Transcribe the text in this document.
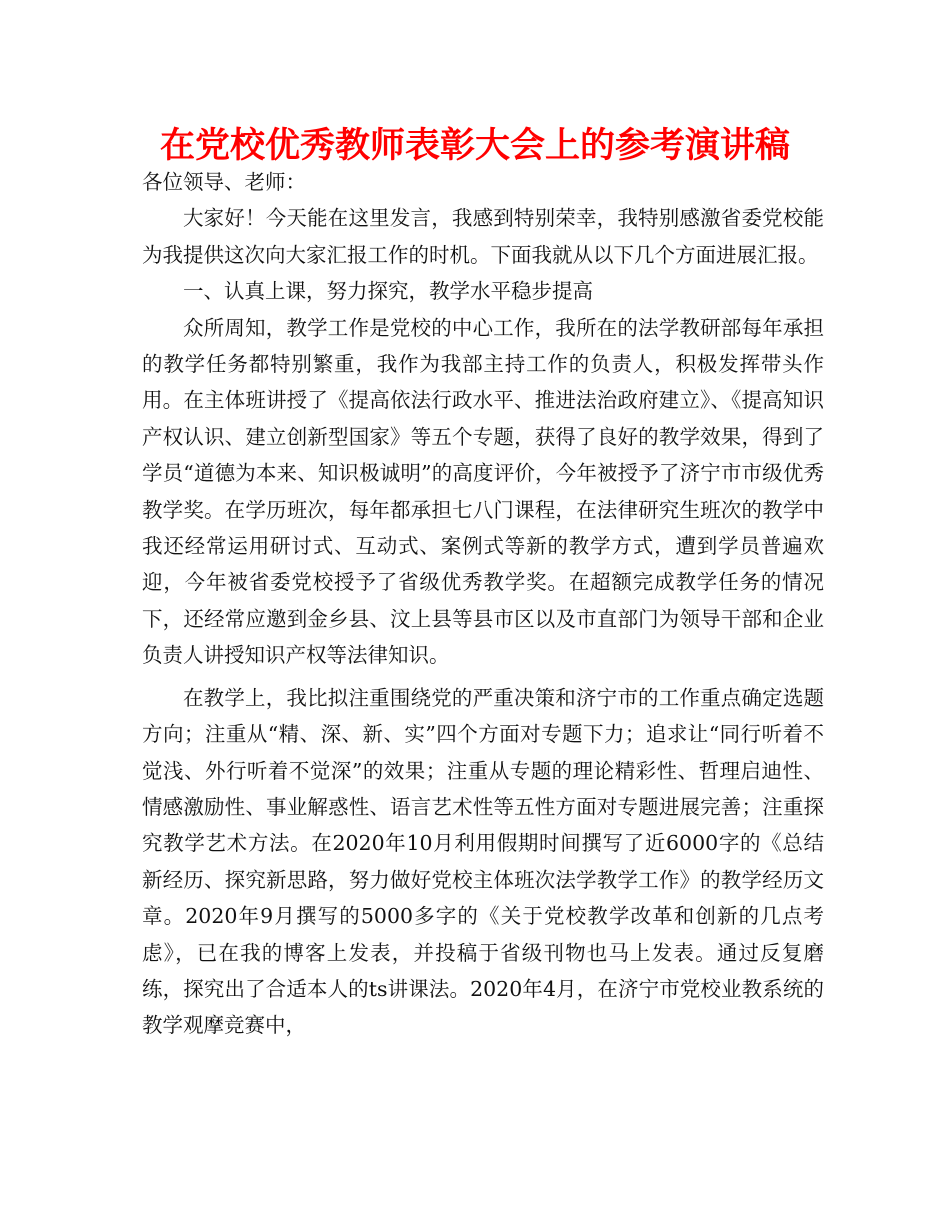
在党校优秀教师表彰大会上的参考演讲稿

各位领导、老师：

大家好！今天能在这里发言，我感到特别荣幸，我特别感激省委党校能为我提供这次向大家汇报工作的时机。下面我就从以下几个方面进展汇报。

一、认真上课，努力探究，教学水平稳步提高

众所周知，教学工作是党校的中心工作，我所在的法学教研部每年承担的教学任务都特别繁重，我作为我部主持工作的负责人，积极发挥带头作用。在主体班讲授了《提高依法行政水平、推进法治政府建立》、《提高知识产权认识、建立创新型国家》等五个专题，获得了良好的教学效果，得到了学员“道德为本来、知识极诚明”的高度评价，今年被授予了济宁市市级优秀教学奖。在学历班次，每年都承担七八门课程，在法律研究生班次的教学中我还经常运用研讨式、互动式、案例式等新的教学方式，遭到学员普遍欢迎，今年被省委党校授予了省级优秀教学奖。在超额完成教学任务的情况下，还经常应邀到金乡县、汶上县等县市区以及市直部门为领导干部和企业负责人讲授知识产权等法律知识。

在教学上，我比拟注重围绕党的严重决策和济宁市的工作重点确定选题方向；注重从“精、深、新、实”四个方面对专题下力；追求让“同行听着不觉浅、外行听着不觉深”的效果；注重从专题的理论精彩性、哲理启迪性、情感激励性、事业解惑性、语言艺术性等五性方面对专题进展完善；注重探究教学艺术方法。在2020年10月利用假期时间撰写了近6000字的《总结新经历、探究新思路，努力做好党校主体班次法学教学工作》的教学经历文章。2020年9月撰写的5000多字的《关于党校教学改革和创新的几点考虑》，已在我的博客上发表，并投稿于省级刊物也马上发表。通过反复磨练，探究出了合适本人的ts讲课法。2020年4月，在济宁市党校业教系统的教学观摩竞赛中，
